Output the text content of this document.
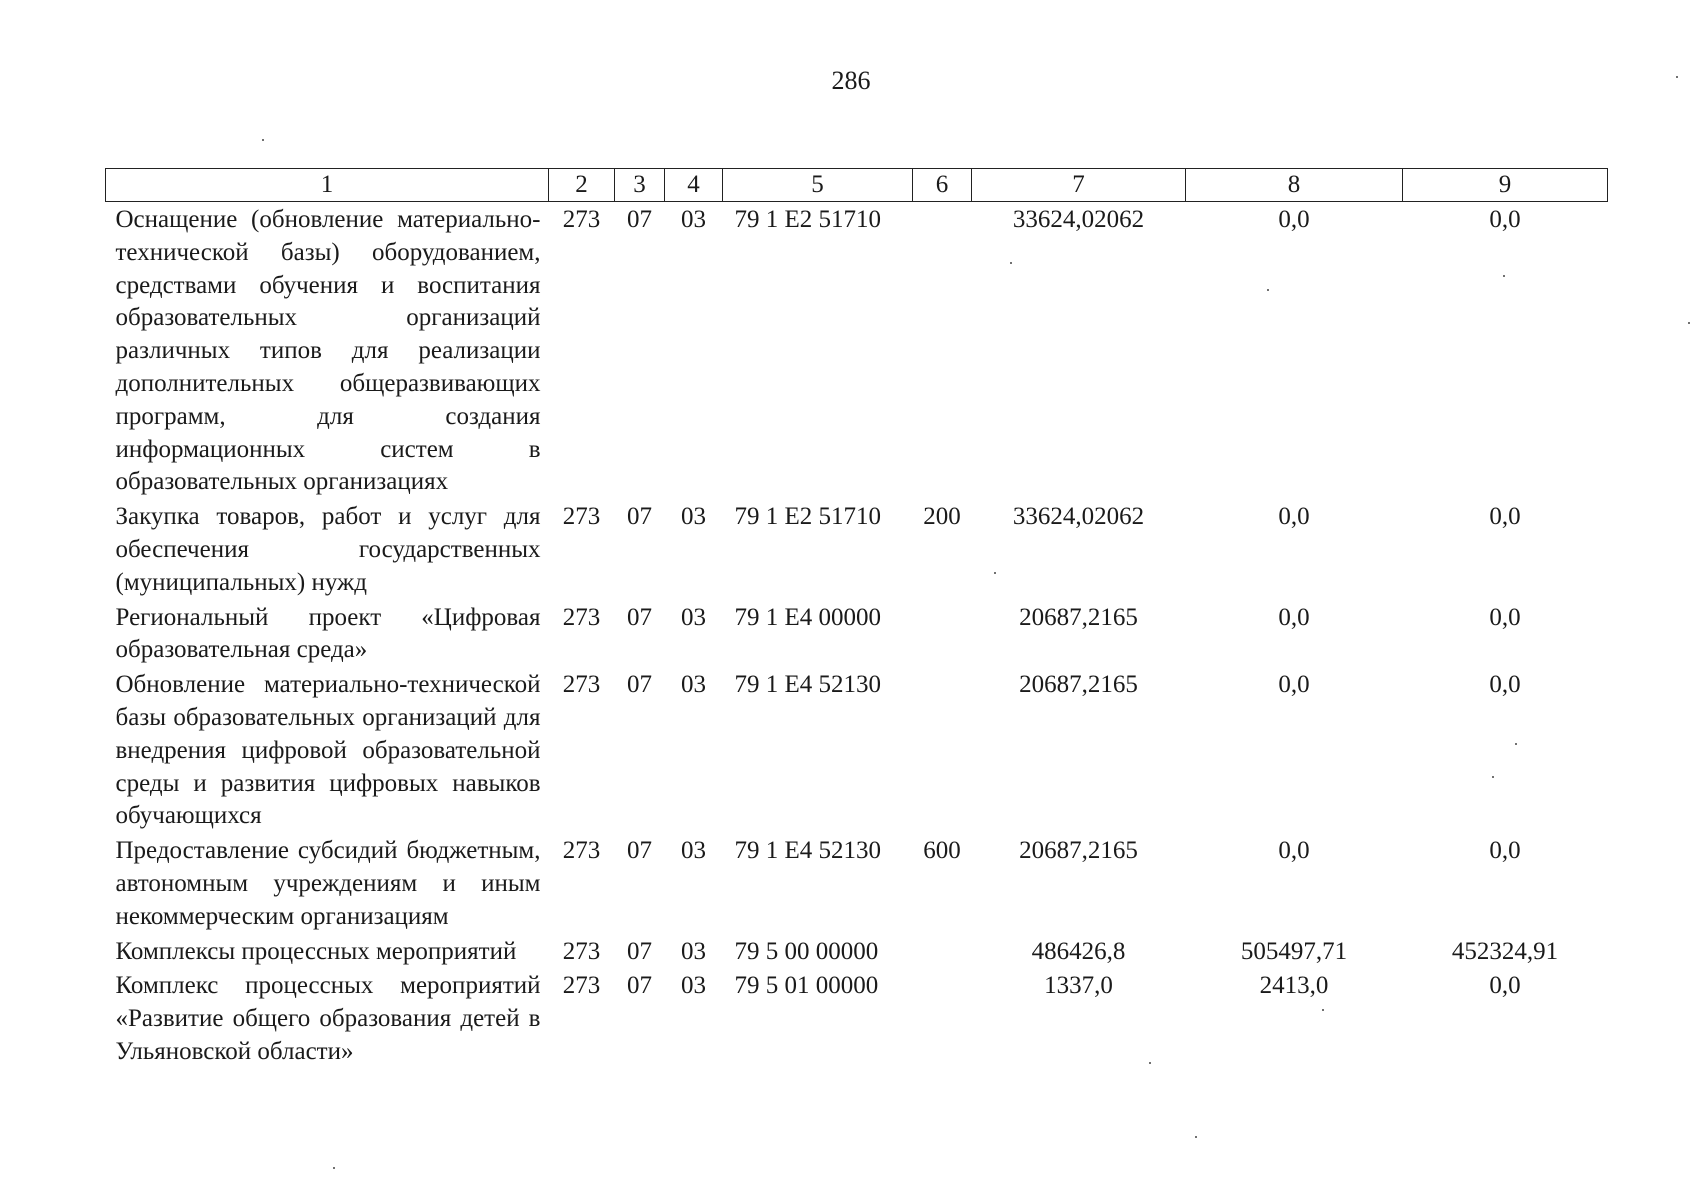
286
1	2	3	4	5	6	7	8	9
Оснащение (обновление материально-технической базы) оборудованием, средствами обучения и воспитания образовательных организаций различных типов для реализации дополнительных общеразвивающих программ, для создания информационных систем в образовательных организациях	273	07	03	79 1 E2 51710		33624,02062	0,0	0,0
Закупка товаров, работ и услуг для обеспечения государственных (муниципальных) нужд	273	07	03	79 1 E2 51710	200	33624,02062	0,0	0,0
Региональный проект «Цифровая образовательная среда»	273	07	03	79 1 E4 00000		20687,2165	0,0	0,0
Обновление материально-технической базы образовательных организаций для внедрения цифровой образовательной среды и развития цифровых навыков обучающихся	273	07	03	79 1 E4 52130		20687,2165	0,0	0,0
Предоставление субсидий бюджетным, автономным учреждениям и иным некоммерческим организациям	273	07	03	79 1 E4 52130	600	20687,2165	0,0	0,0
Комплексы процессных мероприятий	273	07	03	79 5 00 00000		486426,8	505497,71	452324,91
Комплекс процессных мероприятий «Развитие общего образования детей в Ульяновской области»	273	07	03	79 5 01 00000		1337,0	2413,0	0,0
